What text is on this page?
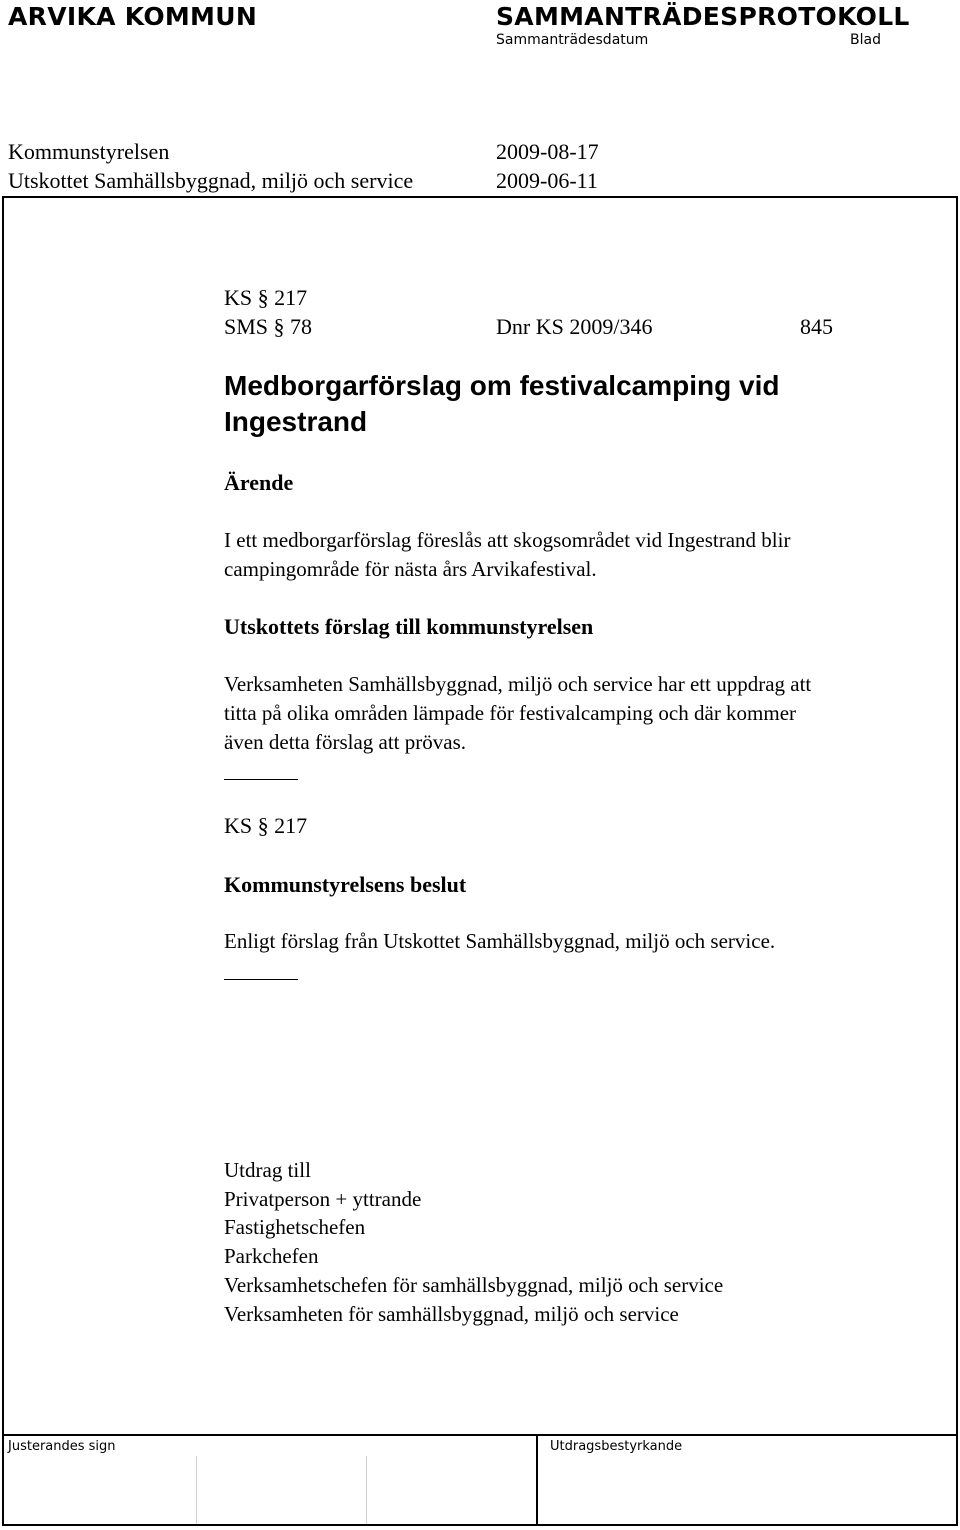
ARVIKA KOMMUN	SAMMANTRÄDESPROTOKOLL
Sammanträdesdatum	Blad
Kommunstyrelsen	2009-08-17
Utskottet Samhällsbyggnad, miljö och service	2009-06-11
KS § 217
SMS § 78	Dnr KS 2009/346	845
Medborgarförslag om festivalcamping vid
Ingestrand
Ärende
I ett medborgarförslag föreslås att skogsområdet vid Ingestrand blir
campingområde för nästa års Arvikafestival.
Utskottets förslag till kommunstyrelsen
Verksamheten Samhällsbyggnad, miljö och service har ett uppdrag att
titta på olika områden lämpade för festivalcamping och där kommer
även detta förslag att prövas.
KS § 217
Kommunstyrelsens beslut
Enligt förslag från Utskottet Samhällsbyggnad, miljö och service.
Utdrag till
Privatperson + yttrande
Fastighetschefen
Parkchefen
Verksamhetschefen för samhällsbyggnad, miljö och service
Verksamheten för samhällsbyggnad, miljö och service
Justerandes sign	Utdragsbestyrkande
